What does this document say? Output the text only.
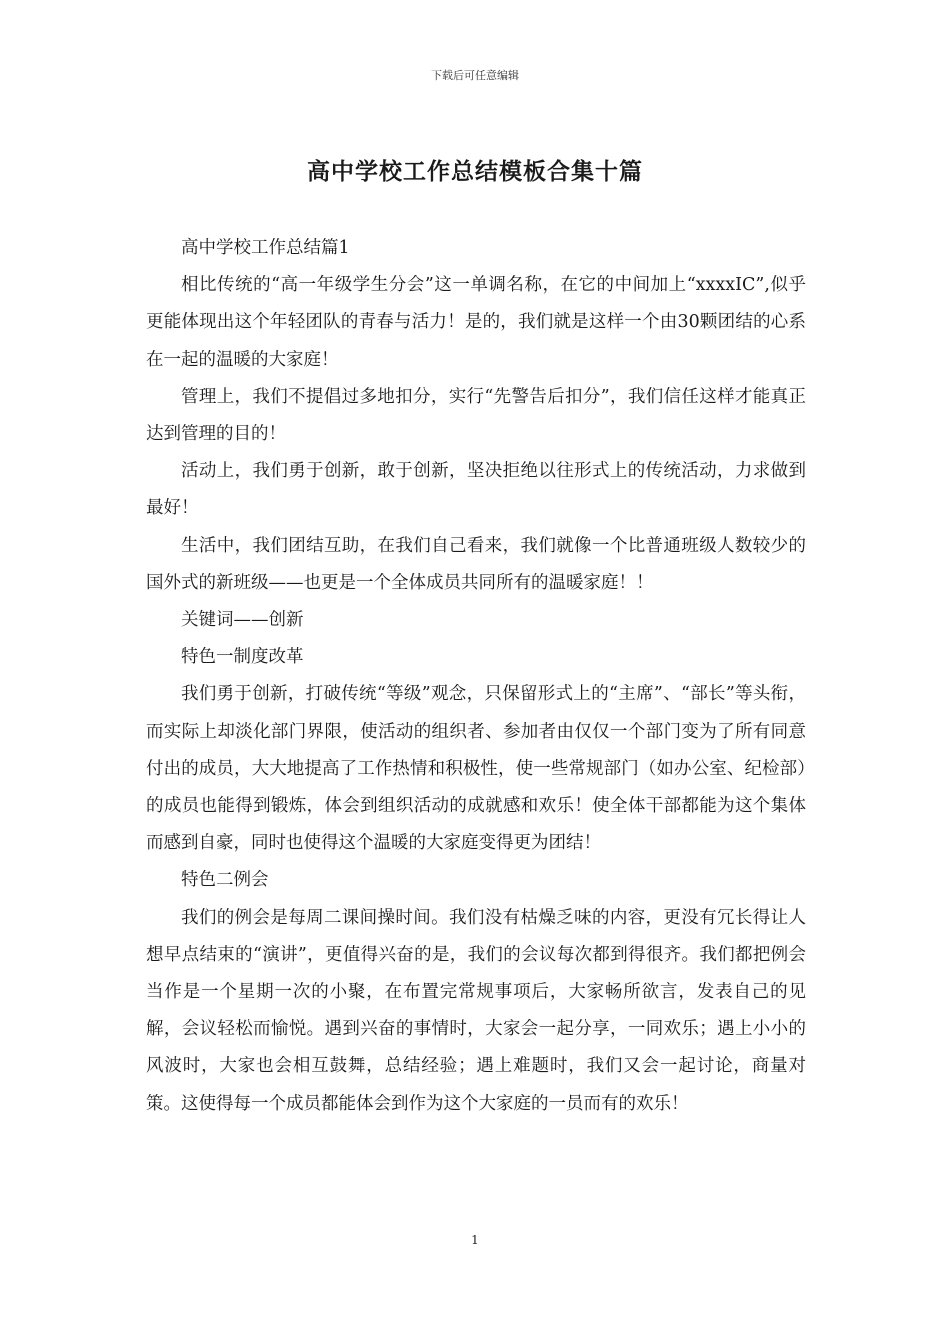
下载后可任意编辑
高中学校工作总结模板合集十篇

高中学校工作总结篇1

相比传统的“高一年级学生分会”这一单调名称，在它的中间加上“xxxxIC”,似乎更能体现出这个年轻团队的青春与活力！是的，我们就是这样一个由30颗团结的心系在一起的温暖的大家庭！

管理上，我们不提倡过多地扣分，实行“先警告后扣分”，我们信任这样才能真正达到管理的目的！

活动上，我们勇于创新，敢于创新，坚决拒绝以往形式上的传统活动，力求做到最好！

生活中，我们团结互助，在我们自己看来，我们就像一个比普通班级人数较少的国外式的新班级——也更是一个全体成员共同所有的温暖家庭！！

关键词——创新

特色一制度改革

我们勇于创新，打破传统“等级”观念，只保留形式上的“主席”、“部长”等头衔，而实际上却淡化部门界限，使活动的组织者、参加者由仅仅一个部门变为了所有同意付出的成员，大大地提高了工作热情和积极性，使一些常规部门（如办公室、纪检部）的成员也能得到锻炼，体会到组织活动的成就感和欢乐！使全体干部都能为这个集体而感到自豪，同时也使得这个温暖的大家庭变得更为团结！

特色二例会

我们的例会是每周二课间操时间。我们没有枯燥乏味的内容，更没有冗长得让人想早点结束的“演讲”，更值得兴奋的是，我们的会议每次都到得很齐。我们都把例会当作是一个星期一次的小聚，在布置完常规事项后，大家畅所欲言，发表自己的见解，会议轻松而愉悦。遇到兴奋的事情时，大家会一起分享，一同欢乐；遇上小小的风波时，大家也会相互鼓舞，总结经验；遇上难题时，我们又会一起讨论，商量对策。这使得每一个成员都能体会到作为这个大家庭的一员而有的欢乐！

1
